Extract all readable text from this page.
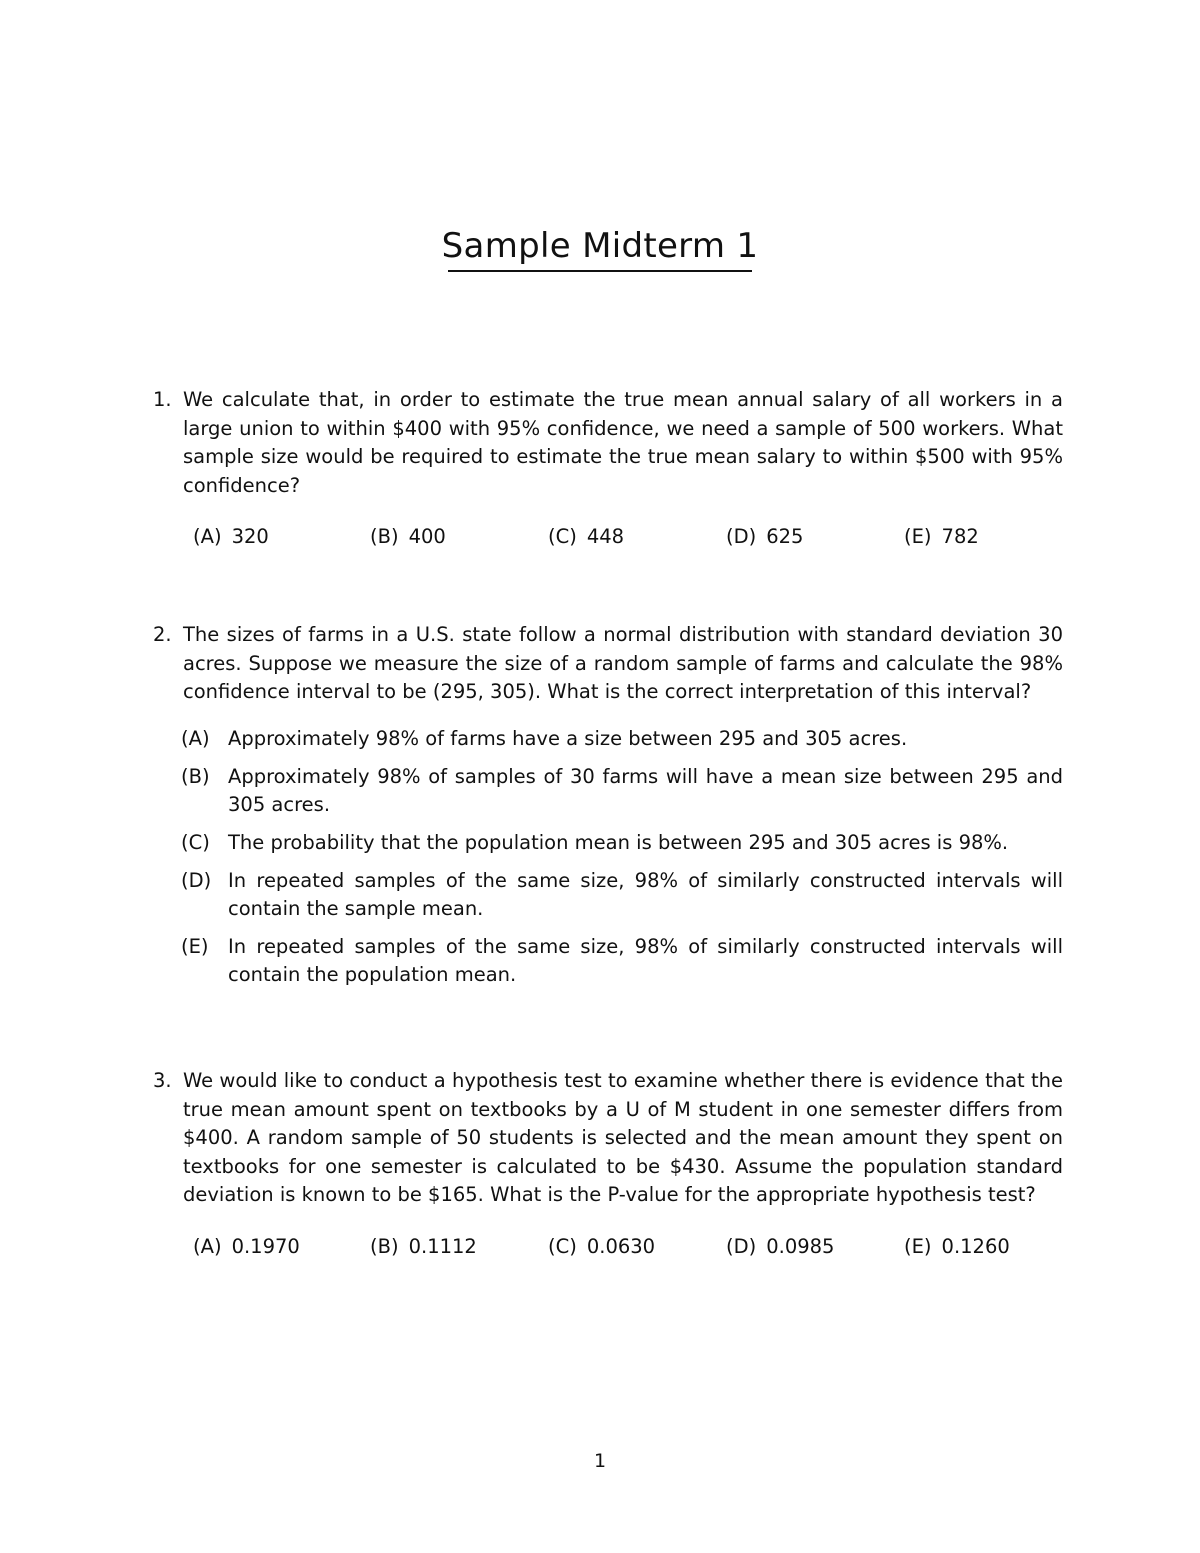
Sample Midterm 1
1. We calculate that, in order to estimate the true mean annual salary of all workers in a large union to within $400 with 95% confidence, we need a sample of 500 workers. What sample size would be required to estimate the true mean salary to within $500 with 95% confidence?
(A) 320	(B) 400	(C) 448	(D) 625	(E) 782
2. The sizes of farms in a U.S. state follow a normal distribution with standard deviation 30 acres. Suppose we measure the size of a random sample of farms and calculate the 98% confidence interval to be (295, 305). What is the correct interpretation of this interval?
(A) Approximately 98% of farms have a size between 295 and 305 acres.
(B) Approximately 98% of samples of 30 farms will have a mean size between 295 and 305 acres.
(C) The probability that the population mean is between 295 and 305 acres is 98%.
(D) In repeated samples of the same size, 98% of similarly constructed intervals will contain the sample mean.
(E) In repeated samples of the same size, 98% of similarly constructed intervals will contain the population mean.
3. We would like to conduct a hypothesis test to examine whether there is evidence that the true mean amount spent on textbooks by a U of M student in one semester differs from $400. A random sample of 50 students is selected and the mean amount they spent on textbooks for one semester is calculated to be $430. Assume the population standard deviation is known to be $165. What is the P-value for the appropriate hypothesis test?
(A) 0.1970	(B) 0.1112	(C) 0.0630	(D) 0.0985	(E) 0.1260
1
